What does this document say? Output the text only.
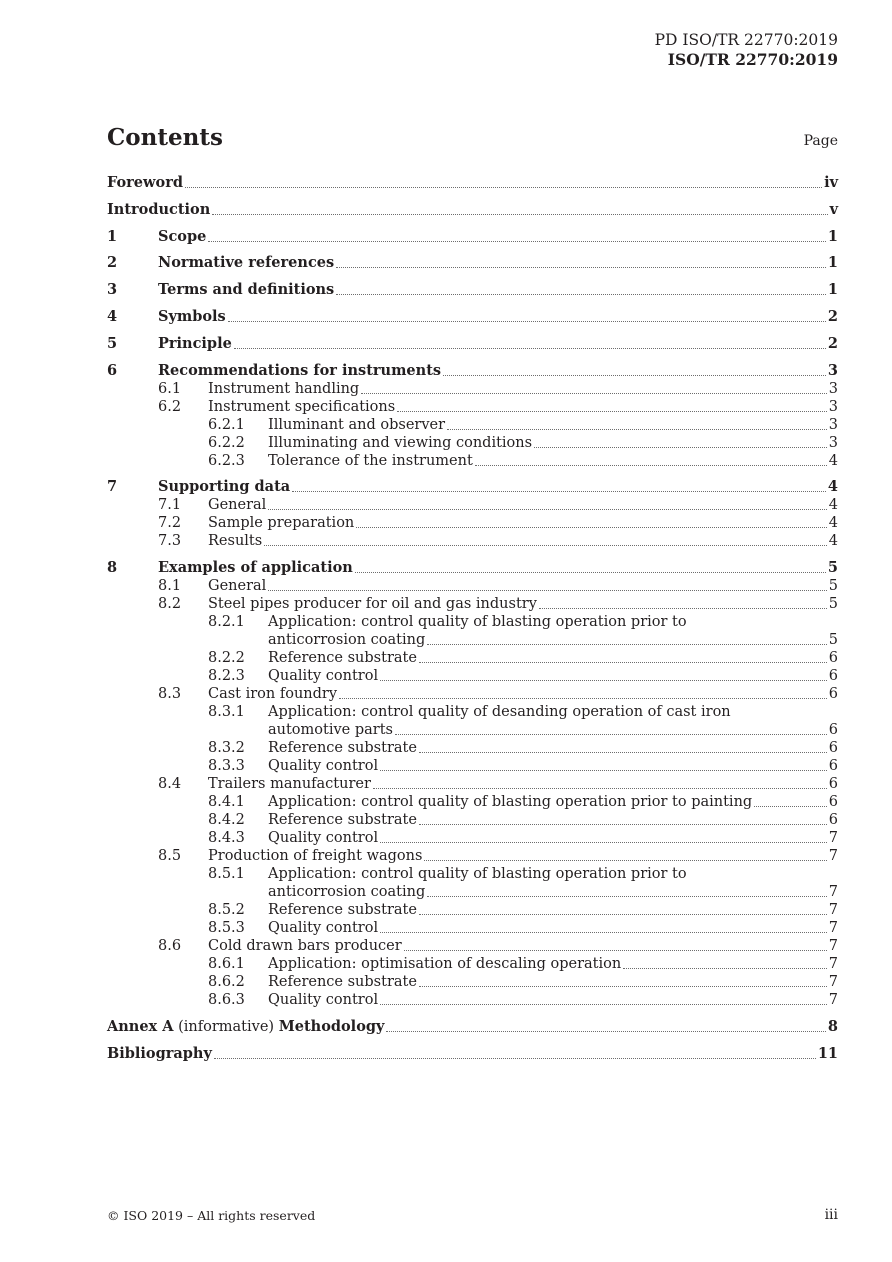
PD ISO/TR 22770:2019
ISO/TR 22770:2019
Contents	Page
Foreword	iv
Introduction	v
1	Scope	1
2	Normative references	1
3	Terms and definitions	1
4	Symbols	2
5	Principle	2
6	Recommendations for instruments	3
6.1	Instrument handling	3
6.2	Instrument specifications	3
6.2.1	Illuminant and observer	3
6.2.2	Illuminating and viewing conditions	3
6.2.3	Tolerance of the instrument	4
7	Supporting data	4
7.1	General	4
7.2	Sample preparation	4
7.3	Results	4
8	Examples of application	5
8.1	General	5
8.2	Steel pipes producer for oil and gas industry	5
8.2.1	Application: control quality of blasting operation prior to
anticorrosion coating	5
8.2.2	Reference substrate	6
8.2.3	Quality control	6
8.3	Cast iron foundry	6
8.3.1	Application: control quality of desanding operation of cast iron
automotive parts	6
8.3.2	Reference substrate	6
8.3.3	Quality control	6
8.4	Trailers manufacturer	6
8.4.1	Application: control quality of blasting operation prior to painting	6
8.4.2	Reference substrate	6
8.4.3	Quality control	7
8.5	Production of freight wagons	7
8.5.1	Application: control quality of blasting operation prior to
anticorrosion coating	7
8.5.2	Reference substrate	7
8.5.3	Quality control	7
8.6	Cold drawn bars producer	7
8.6.1	Application: optimisation of descaling operation	7
8.6.2	Reference substrate	7
8.6.3	Quality control	7
Annex A (informative) Methodology	8
Bibliography	11
© ISO 2019 – All rights reserved	iii
